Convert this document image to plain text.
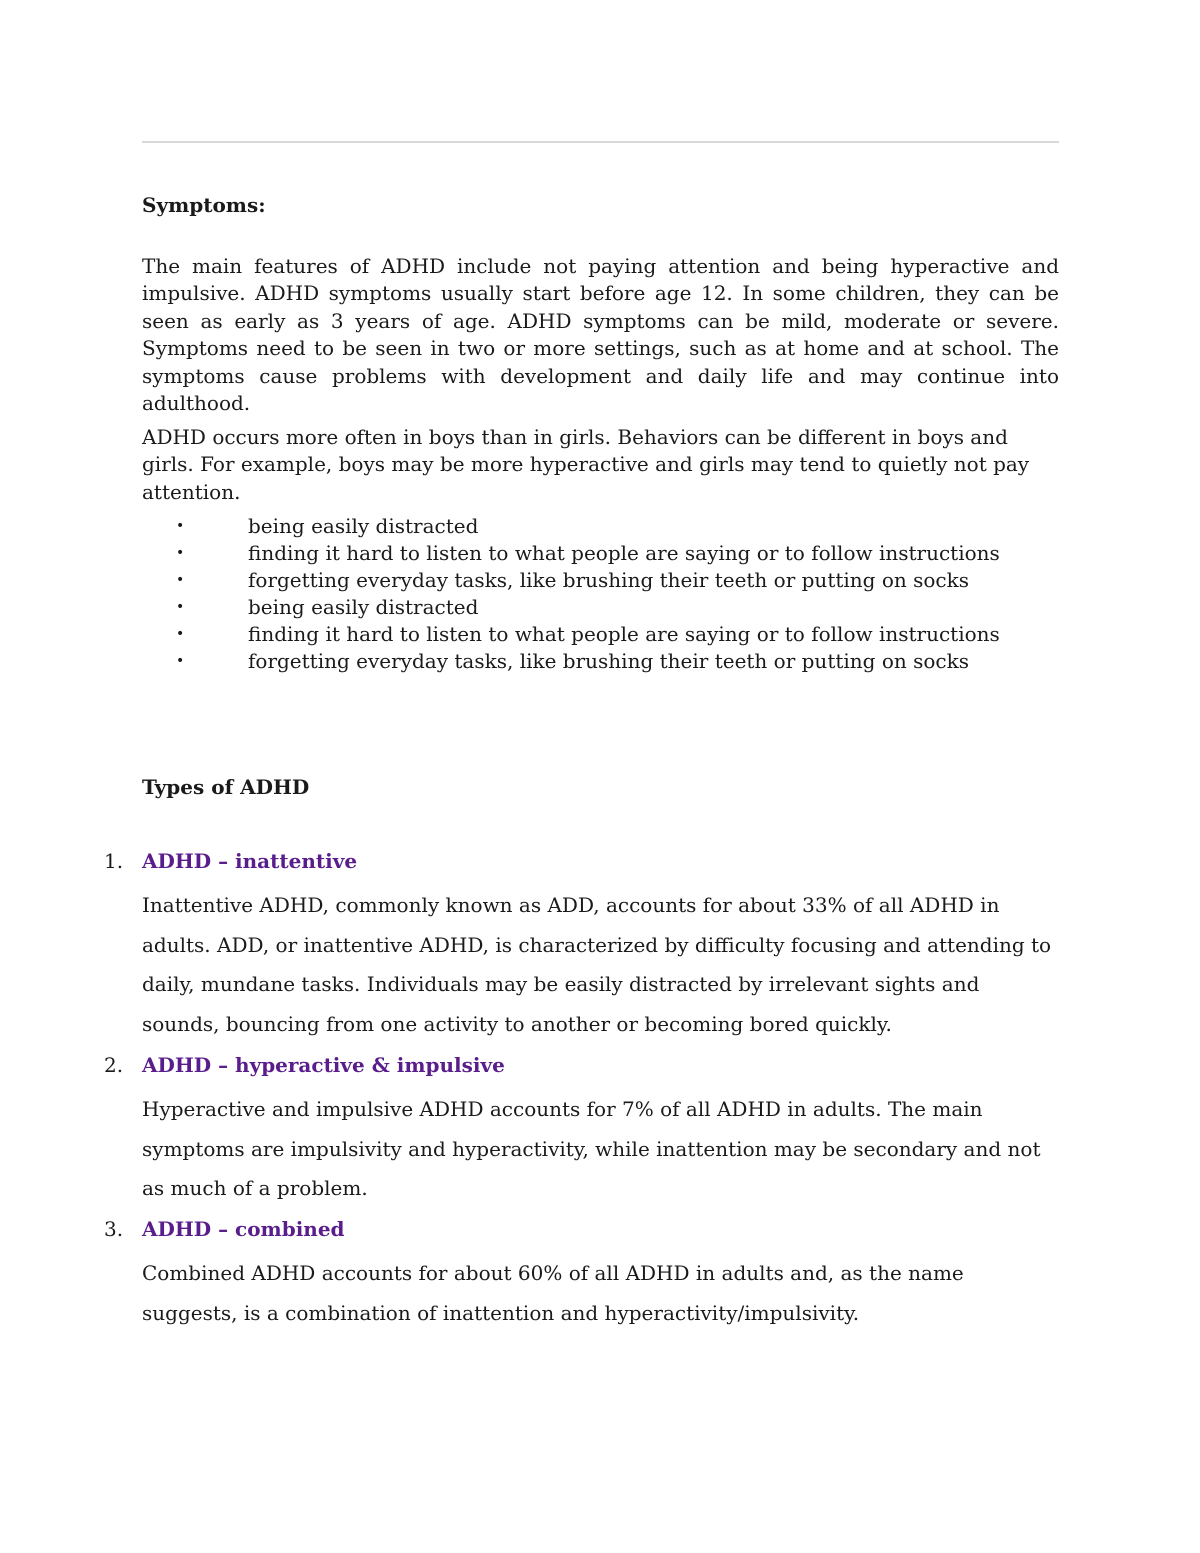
Symptoms:

The main features of ADHD include not paying attention and being hyperactive and impulsive. ADHD symptoms usually start before age 12. In some children, they can be seen as early as 3 years of age. ADHD symptoms can be mild, moderate or severe. Symptoms need to be seen in two or more settings, such as at home and at school. The symptoms cause problems with development and daily life and may continue into adulthood.

ADHD occurs more often in boys than in girls. Behaviors can be different in boys and girls. For example, boys may be more hyperactive and girls may tend to quietly not pay attention.

•	being easily distracted
•	finding it hard to listen to what people are saying or to follow instructions
•	forgetting everyday tasks, like brushing their teeth or putting on socks
•	being easily distracted
•	finding it hard to listen to what people are saying or to follow instructions
•	forgetting everyday tasks, like brushing their teeth or putting on socks
Types of ADHD
1. ADHD – inattentive

Inattentive ADHD, commonly known as ADD, accounts for about 33% of all ADHD in adults. ADD, or inattentive ADHD, is characterized by difficulty focusing and attending to daily, mundane tasks. Individuals may be easily distracted by irrelevant sights and sounds, bouncing from one activity to another or becoming bored quickly.

2. ADHD – hyperactive & impulsive

Hyperactive and impulsive ADHD accounts for 7% of all ADHD in adults. The main symptoms are impulsivity and hyperactivity, while inattention may be secondary and not as much of a problem.

3. ADHD – combined

Combined ADHD accounts for about 60% of all ADHD in adults and, as the name suggests, is a combination of inattention and hyperactivity/impulsivity.
